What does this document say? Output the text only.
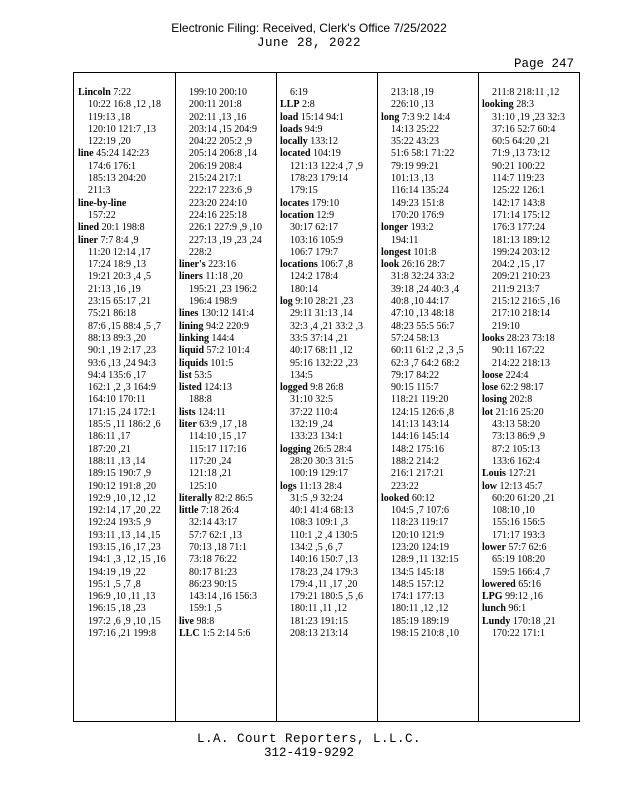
Electronic Filing: Received, Clerk's Office 7/25/2022
June 28, 2022
Page 247
Lincoln 7:22
10:22 16:8 ,12 ,18
119:13 ,18
120:10 121:7 ,13
122:19 ,20
line 45:24 142:23
174:6 176:1
185:13 204:20
211:3
line-by-line
157:22
lined 20:1 198:8
liner 7:7 8:4 ,9
11:20 12:14 ,17
17:24 18:9 ,13
19:21 20:3 ,4 ,5
21:13 ,16 ,19
23:15 65:17 ,21
75:21 86:18
87:6 ,15 88:4 ,5 ,7
88:13 89:3 ,20
90:1 ,19 2:17 ,23
93:6 ,13 ,24 94:3
94:4 135:6 ,17
162:1 ,2 ,3 164:9
164:10 170:11
171:15 ,24 172:1
185:5 ,11 186:2 ,6
186:11 ,17
187:20 ,21
188:11 ,13 ,14
189:15 190:7 ,9
190:12 191:8 ,20
192:9 ,10 ,12 ,12
192:14 ,17 ,20 ,22
192:24 193:5 ,9
193:11 ,13 ,14 ,15
193:15 ,16 ,17 ,23
194:1 ,3 ,12 ,15 ,16
194:19 ,19 ,22
195:1 ,5 ,7 ,8
196:9 ,10 ,11 ,13
196:15 ,18 ,23
197:2 ,6 ,9 ,10 ,15
197:16 ,21 199:8
199:10 200:10
200:11 201:8
202:11 ,13 ,16
203:14 ,15 204:9
204:22 205:2 ,9
205:14 206:8 ,14
206:19 208:4
215:24 217:1
222:17 223:6 ,9
223:20 224:10
224:16 225:18
226:1 227:9 ,9 ,10
227:13 ,19 ,23 ,24
228:2
liner's 223:16
liners 11:18 ,20
195:21 ,23 196:2
196:4 198:9
lines 130:12 141:4
lining 94:2 220:9
linking 144:4
liquid 57:2 101:4
liquids 101:5
list 53:5
listed 124:13
188:8
lists 124:11
liter 63:9 ,17 ,18
114:10 ,15 ,17
115:17 117:16
117:20 ,24
121:18 ,21
125:10
literally 82:2 86:5
little 7:18 26:4
32:14 43:17
57:7 62:1 ,13
70:13 ,18 71:1
73:18 76:22
80:17 81:23
86:23 90:15
143:14 ,16 156:3
159:1 ,5
live 98:8
LLC 1:5 2:14 5:6
6:19
LLP 2:8
load 15:14 94:1
loads 94:9
locally 133:12
located 104:19
121:13 122:4 ,7 ,9
178:23 179:14
179:15
locates 179:10
location 12:9
30:17 62:17
103:16 105:9
106:7 179:7
locations 106:7 ,8
124:2 178:4
180:14
log 9:10 28:21 ,23
29:11 31:13 ,14
32:3 ,4 ,21 33:2 ,3
33:5 37:14 ,21
40:17 68:11 ,12
95:16 132:22 ,23
134:5
logged 9:8 26:8
31:10 32:5
37:22 110:4
132:19 ,24
133:23 134:1
logging 26:5 28:4
28:20 30:3 31:5
100:19 129:17
logs 11:13 28:4
31:5 ,9 32:24
40:1 41:4 68:13
108:3 109:1 ,3
110:1 ,2 ,4 130:5
134:2 ,5 ,6 ,7
140:16 150:7 ,13
178:23 ,24 179:3
179:4 ,11 ,17 ,20
179:21 180:5 ,5 ,6
180:11 ,11 ,12
181:23 191:15
208:13 213:14
213:18 ,19
226:10 ,13
long 7:3 9:2 14:4
14:13 25:22
35:22 43:23
51:6 58:1 71:22
79:19 99:21
101:13 ,13
116:14 135:24
149:23 151:8
170:20 176:9
longer 193:2
194:11
longest 101:8
look 26:16 28:7
31:8 32:24 33:2
39:18 ,24 40:3 ,4
40:8 ,10 44:17
47:10 ,13 48:18
48:23 55:5 56:7
57:24 58:13
60:11 61:2 ,2 ,3 ,5
62:3 ,7 64:2 68:2
79:17 84:22
90:15 115:7
118:21 119:20
124:15 126:6 ,8
141:13 143:14
144:16 145:14
148:2 175:16
188:2 214:2
216:1 217:21
223:22
looked 60:12
104:5 ,7 107:6
118:23 119:17
120:10 121:9
123:20 124:19
128:9 ,11 132:15
134:5 145:18
148:5 157:12
174:1 177:13
180:11 ,12 ,12
185:19 189:19
198:15 210:8 ,10
211:8 218:11 ,12
looking 28:3
31:10 ,19 ,23 32:3
37:16 52:7 60:4
60:5 64:20 ,21
71:9 ,13 73:12
90:21 100:22
114:7 119:23
125:22 126:1
142:17 143:8
171:14 175:12
176:3 177:24
181:13 189:12
199:24 203:12
204:2 ,15 ,17
209:21 210:23
211:9 213:7
215:12 216:5 ,16
217:10 218:14
219:10
looks 28:23 73:18
90:11 167:22
214:22 218:13
loose 224:4
lose 62:2 98:17
losing 202:8
lot 21:16 25:20
43:13 58:20
73:13 86:9 ,9
87:2 105:13
133:6 162:4
Louis 127:21
low 12:13 45:7
60:20 61:20 ,21
108:10 ,10
155:16 156:5
171:17 193:3
lower 57:7 62:6
65:19 108:20
159:5 166:4 ,7
lowered 65:16
LPG 99:12 ,16
lunch 96:1
Lundy 170:18 ,21
170:22 171:1
L.A. Court Reporters, L.L.C.
312-419-9292
